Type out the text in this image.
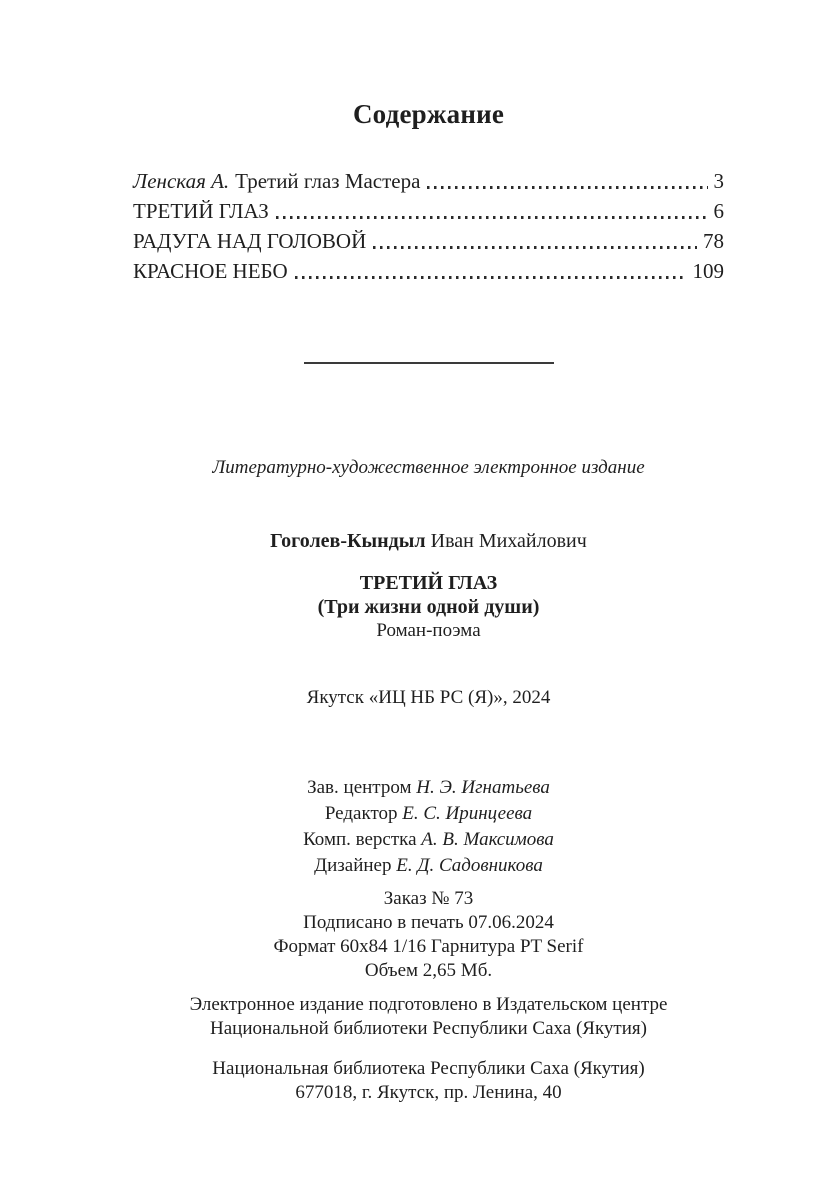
Содержание
Ленская А. Третий глаз Мастера	3
ТРЕТИЙ ГЛАЗ	6
РАДУГА НАД ГОЛОВОЙ	78
КРАСНОЕ НЕБО	109
Литературно-художественное электронное издание
Гоголев-Кындыл Иван Михайлович
ТРЕТИЙ ГЛАЗ
(Три жизни одной души)
Роман-поэма
Якутск «ИЦ НБ РС (Я)», 2024
Зав. центром Н. Э. Игнатьева
Редактор Е. С. Иринцеева
Комп. верстка А. В. Максимова
Дизайнер Е. Д. Садовникова
Заказ № 73
Подписано в печать 07.06.2024
Формат 60х84 1/16 Гарнитура PT Serif
Объем 2,65 Мб.
Электронное издание подготовлено в Издательском центре
Национальной библиотеки Республики Саха (Якутия)
Национальная библиотека Республики Саха (Якутия)
677018, г. Якутск, пр. Ленина, 40
